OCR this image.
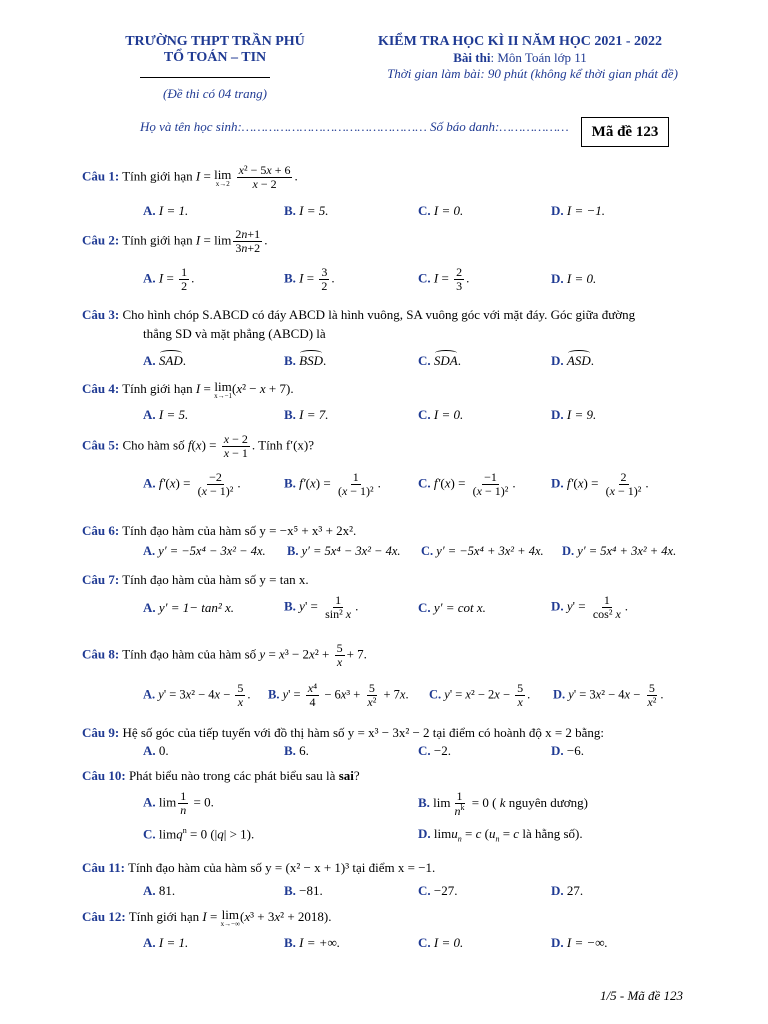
TRƯỜNG THPT TRẦN PHÚ
TỔ TOÁN – TIN
(Đề thi có 04 trang)
KIỂM TRA HỌC KÌ II NĂM HỌC 2021 - 2022
Bài thi: Môn Toán lớp 11
Thời gian làm bài: 90 phút (không kể thời gian phát đề)
Họ và tên học sinh:………………………………………… Số báo danh:………………	Mã đề 123
Câu 1: Tính giới hạn I = lim
x→2
$\frac{\text{x² − 5x + 6}}{x - 2}$ .
A. I = 1.	B. I = 5.	C. I = 0.	D. I = −1.
Câu 2: Tính giới hạn $I = \lim \frac{2n+1}{3n+2}$ .
A. $I = \frac{1}{2}$ .	B. $I = \frac{3}{2}$ .	C. $I = \frac{2}{3}$ .	D. I = 0.
Câu 3: Cho hình chóp S.ABCD có đáy ABCD là hình vuông, SA vuông góc với mặt đáy. Góc giữa đường
thẳng SD và mặt phẳng (ABCD) là
A. SAD.	B. BSD.	C. SDA.	D. ASD.
Câu 4: Tính giới hạn I = lim
x→−1
(x² − x + 7).
A. I = 5.	B. I = 7.	C. I = 0.	D. I = 9.
Câu 5: Cho hàm số $f(x) = \frac{x - 2}{x - 1}$ . Tính f′(x)?
A. $f'(x) = \frac{-2}{\text{(x − 1)²}}$ .	B. $f'(x) = \frac{1}{\text{(x − 1)²}}$ .	C. $f'(x) = \frac{-1}{\text{(x − 1)²}}$ .	D. $f'(x) = \frac{2}{\text{(x − 1)²}}$ .
Câu 6: Tính đạo hàm của hàm số y = −x⁵ + x³ + 2x².
A. y′ = −5x⁴ − 3x² − 4x. B. y′ = 5x⁴ − 3x² − 4x. C. y′ = −5x⁴ + 3x² + 4x. D. y′ = 5x⁴ + 3x² + 4x.
Câu 7: Tính đạo hàm của hàm số y = tan x.
A. y' = 1− tan² x.	B. $y' = \frac{1}{\text{sin² x}}$ .	C. y' = cot x.	D. $y' = \frac{1}{\text{cos² x}}$ .
Câu 8: Tính đạo hàm của hàm số $y = x^3 - 2x^2 + \frac{5}{x} + 7$.
A. $y' = 3x^2 - 4x - \frac{5}{x}$ . B. $y' = \frac{\text{x⁴}}{4} - 6x^3 + \frac{5}{\text{x²}} + 7x$. C. $y' = x^2 - 2x - \frac{5}{x}$ . D. $y' = 3x^2 - 4x - \frac{5}{\text{x²}}$ .
Câu 9: Hệ số góc của tiếp tuyến với đồ thị hàm số y = x³ − 3x² − 2 tại điểm có hoành độ x = 2 bằng:
A. 0.	B. 6.	C. −2.	D. −6.
Câu 10: Phát biểu nào trong các phát biểu sau là sai?
A. $\lim \frac{1}{n} = 0$.	B. $\lim \frac{1}{n^k} = 0$ ( k nguyên dương)
C. limq$^n$ = 0 (|q| > 1).	D. limu$_n$ = c ($u_n = c$ là hằng số).
Câu 11: Tính đạo hàm của hàm số y = (x² − x + 1)³ tại điểm x = −1.
A. 81.	B. −81.	C. −27.	D. 27.
Câu 12: Tính giới hạn I = lim
x→−∞
(x³ + 3x² + 2018).
A. I = 1.	B. I = +∞.	C. I = 0.	D. I = −∞.
1/5 - Mã đề 123
